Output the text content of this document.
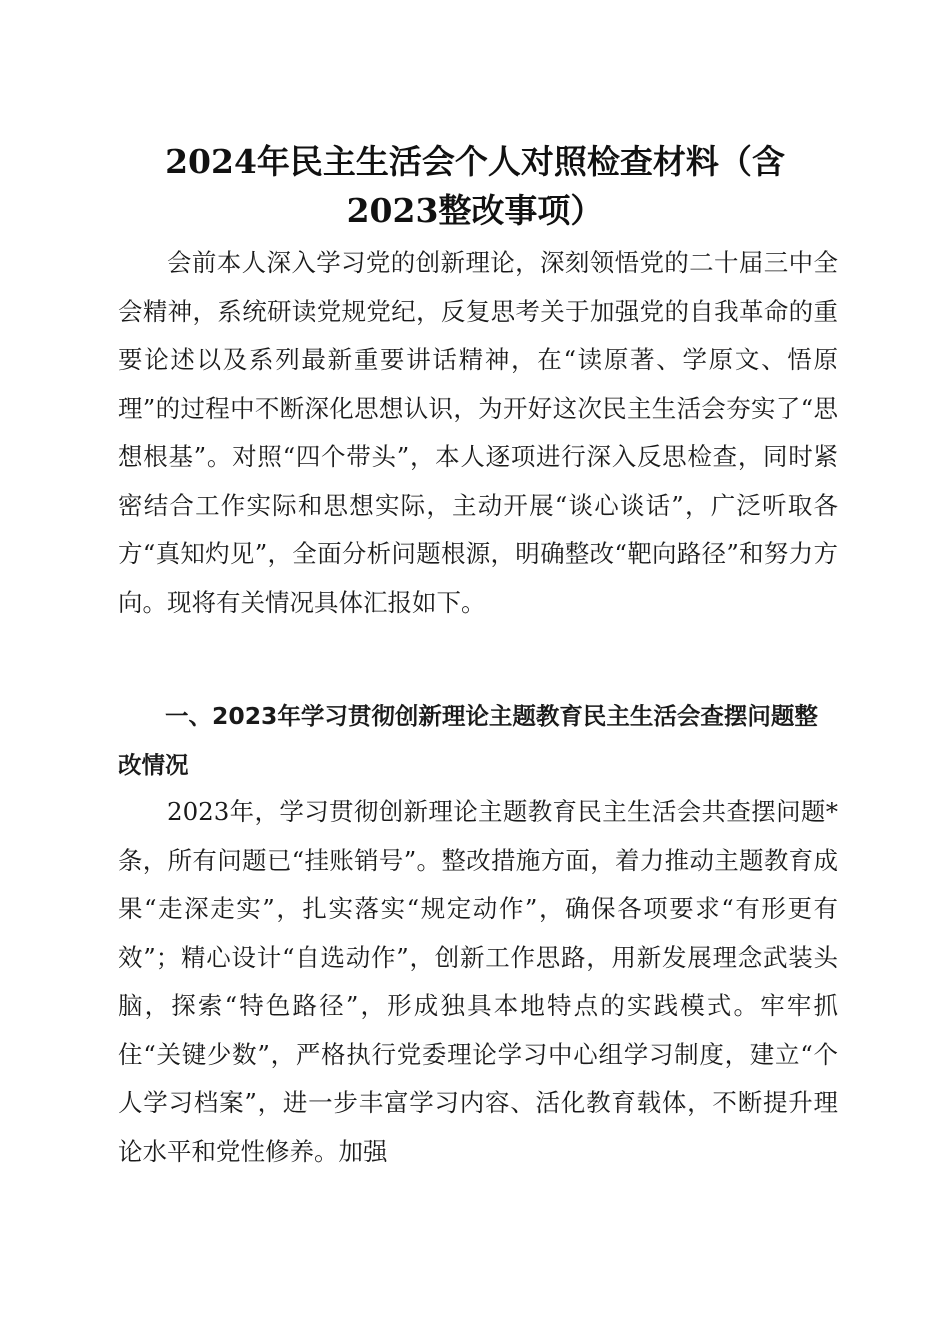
2024年民主生活会个人对照检查材料（含
2023整改事项）

会前本人深入学习党的创新理论，深刻领悟党的二十届三中全会精神，系统研读党规党纪，反复思考关于加强党的自我革命的重要论述以及系列最新重要讲话精神，在“读原著、学原文、悟原理”的过程中不断深化思想认识，为开好这次民主生活会夯实了“思想根基”。对照“四个带头”，本人逐项进行深入反思检查，同时紧密结合工作实际和思想实际，主动开展“谈心谈话”，广泛听取各方“真知灼见”，全面分析问题根源，明确整改“靶向路径”和努力方向。现将有关情况具体汇报如下。

一、2023年学习贯彻创新理论主题教育民主生活会查摆问题整改情况

2023年，学习贯彻创新理论主题教育民主生活会共查摆问题*条，所有问题已“挂账销号”。整改措施方面，着力推动主题教育成果“走深走实”，扎实落实“规定动作”，确保各项要求“有形更有效”；精心设计“自选动作”，创新工作思路，用新发展理念武装头脑，探索“特色路径”，形成独具本地特点的实践模式。牢牢抓住“关键少数”，严格执行党委理论学习中心组学习制度，建立“个人学习档案”，进一步丰富学习内容、活化教育载体，不断提升理论水平和党性修养。加强
